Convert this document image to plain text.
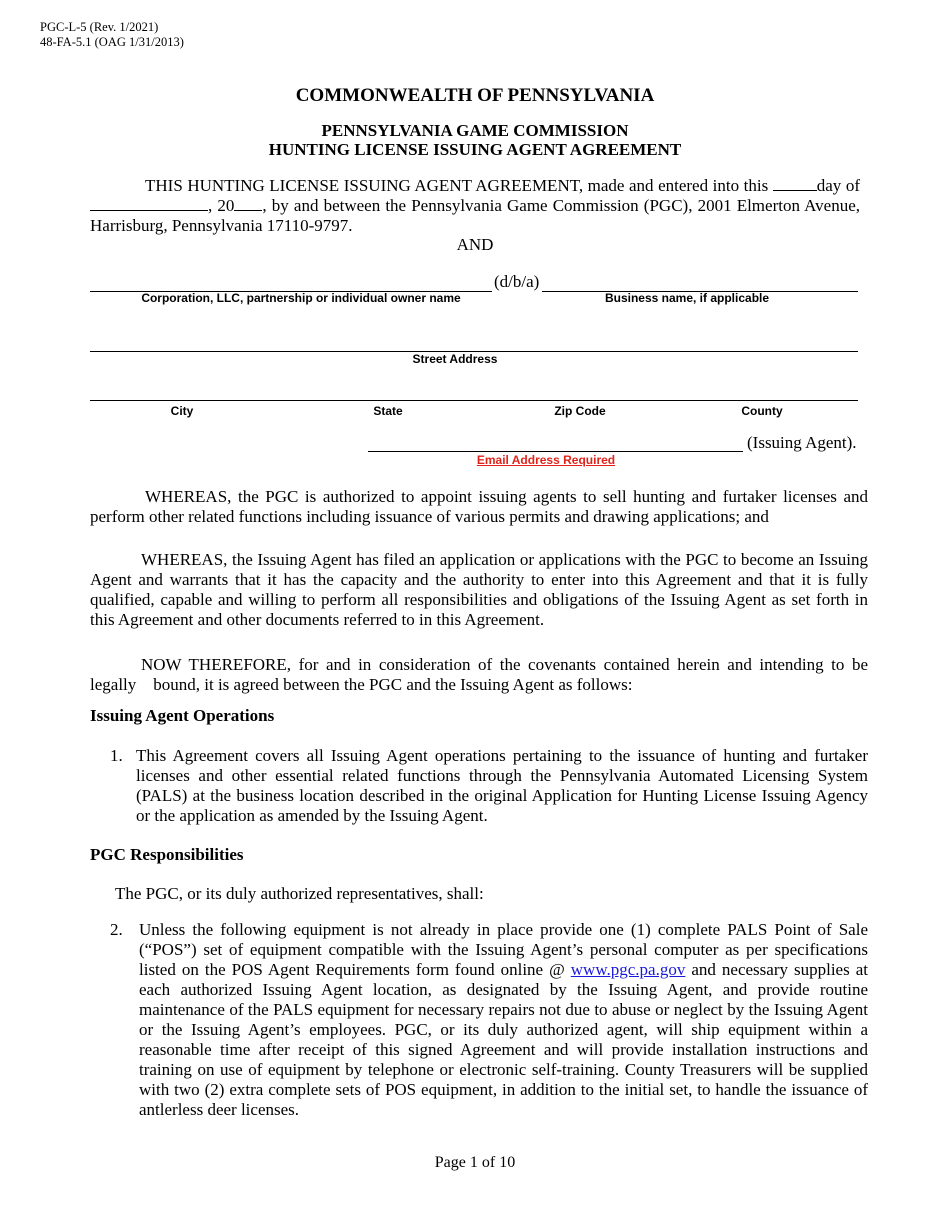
PGC-L-5 (Rev. 1/2021)
48-FA-5.1 (OAG 1/31/2013)
COMMONWEALTH OF PENNSYLVANIA
PENNSYLVANIA GAME COMMISSION
HUNTING LICENSE ISSUING AGENT AGREEMENT
THIS HUNTING LICENSE ISSUING AGENT AGREEMENT, made and entered into this	day of , 20 , by and between the Pennsylvania Game Commission (PGC), 2001 Elmerton Avenue, Harrisburg, Pennsylvania 17110-9797.
AND
(d/b/a)
Corporation, LLC, partnership or individual owner name	Business name, if applicable
Street Address
City	State	Zip Code	County
(Issuing Agent).
Email Address Required
WHEREAS, the PGC is authorized to appoint issuing agents to sell hunting and furtaker licenses and perform other related functions including issuance of various permits and drawing applications; and
WHEREAS, the Issuing Agent has filed an application or applications with the PGC to become an Issuing Agent and warrants that it has the capacity and the authority to enter into this Agreement and that it is fully qualified, capable and willing to perform all responsibilities and obligations of the Issuing Agent as set forth in this Agreement and other documents referred to in this Agreement.
NOW THEREFORE, for and in consideration of the covenants contained herein and intending to be legally    bound, it is agreed between the PGC and the Issuing Agent as follows:
Issuing Agent Operations
1. This Agreement covers all Issuing Agent operations pertaining to the issuance of hunting and furtaker licenses and other essential related functions through the Pennsylvania Automated Licensing System (PALS) at the business location described in the original Application for Hunting License Issuing Agency or the application as amended by the Issuing Agent.
PGC Responsibilities
The PGC, or its duly authorized representatives, shall:
2. Unless the following equipment is not already in place provide one (1) complete PALS Point of Sale (“POS”) set of equipment compatible with the Issuing Agent’s personal computer as per specifications listed on the POS Agent Requirements form found online @ www.pgc.pa.gov and necessary supplies at each authorized Issuing Agent location, as designated by the Issuing Agent, and provide routine maintenance of the PALS equipment for necessary repairs not due to abuse or neglect by the Issuing Agent or the Issuing Agent’s employees. PGC, or its duly authorized agent, will ship equipment within a reasonable time after receipt of this signed Agreement and will provide installation instructions and training on use of equipment by telephone or electronic self-training. County Treasurers will be supplied with two (2) extra complete sets of POS equipment, in addition to the initial set, to handle the issuance of antlerless deer licenses.
Page 1 of 10
